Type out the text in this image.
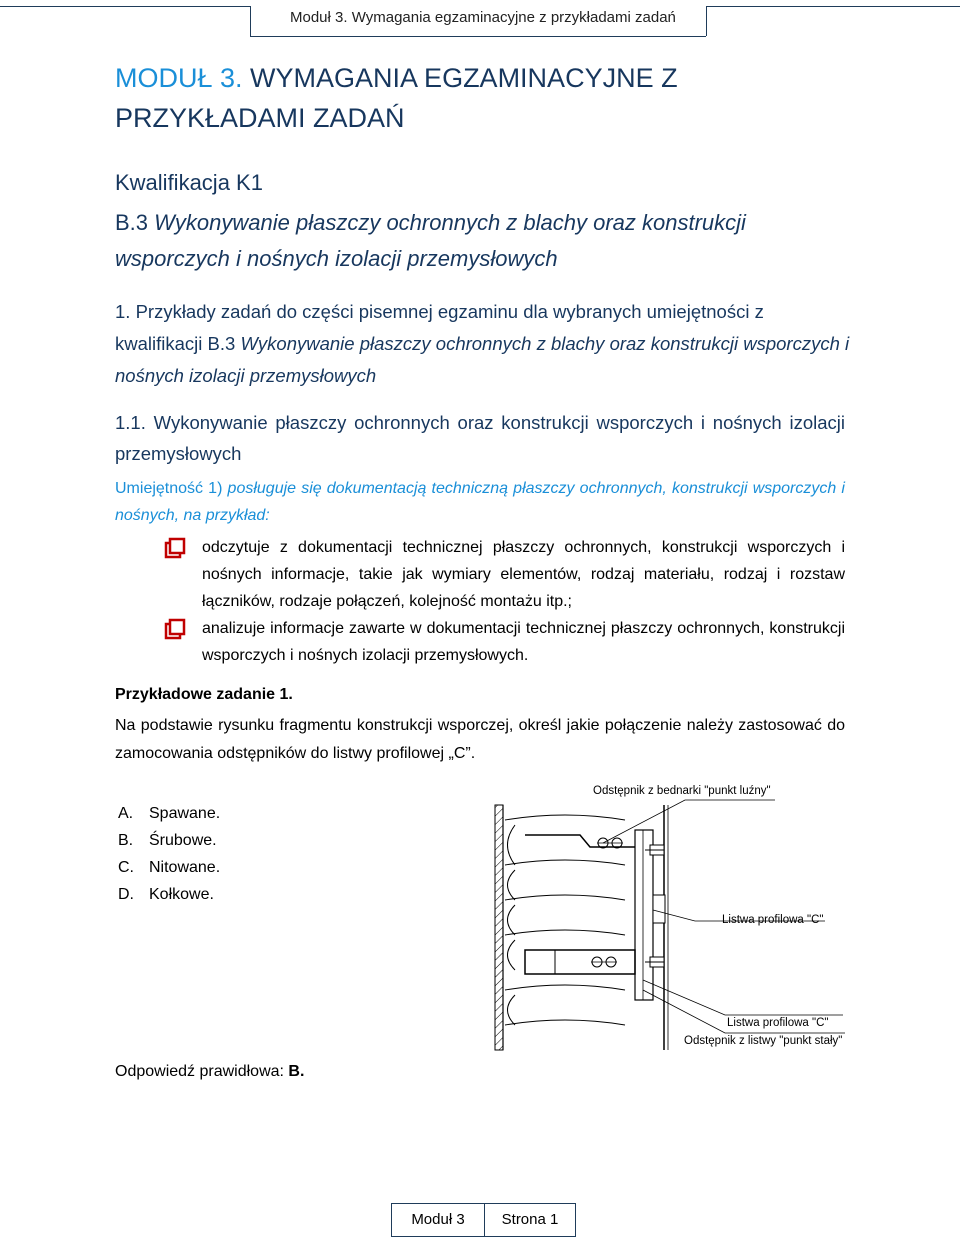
Moduł 3. Wymagania egzaminacyjne z przykładami zadań
MODUŁ 3. WYMAGANIA EGZAMINACYJNE Z PRZYKŁADAMI ZADAŃ
Kwalifikacja K1
B.3 Wykonywanie płaszczy ochronnych z blachy oraz konstrukcji wsporczych i nośnych izolacji przemysłowych
1. Przykłady zadań do części pisemnej egzaminu dla wybranych umiejętności z kwalifikacji B.3 Wykonywanie płaszczy ochronnych z blachy oraz konstrukcji wsporczych i nośnych izolacji przemysłowych
1.1. Wykonywanie płaszczy ochronnych oraz konstrukcji wsporczych i nośnych izolacji przemysłowych
Umiejętność 1) posługuje się dokumentacją techniczną płaszczy ochronnych, konstrukcji wsporczych i nośnych, na przykład:
odczytuje z dokumentacji technicznej płaszczy ochronnych, konstrukcji wsporczych i nośnych informacje, takie jak wymiary elementów, rodzaj materiału, rodzaj i rozstaw łączników, rodzaje połączeń, kolejność montażu itp.;
analizuje informacje zawarte w dokumentacji technicznej płaszczy ochronnych, konstrukcji wsporczych i nośnych izolacji przemysłowych.
Przykładowe zadanie 1.
Na podstawie rysunku fragmentu konstrukcji wsporczej, określ jakie połączenie należy zastosować do zamocowania odstępników do listwy profilowej „C”.
A. Spawane.
B. Śrubowe.
C. Nitowane.
D. Kołkowe.
Odpowiedź prawidłowa: B.
Odstępnik z bednarki "punkt luźny"
Listwa profilowa "C"
Listwa profilowa "C"
Odstępnik z listwy "punkt stały"
Moduł 3	Strona 1
